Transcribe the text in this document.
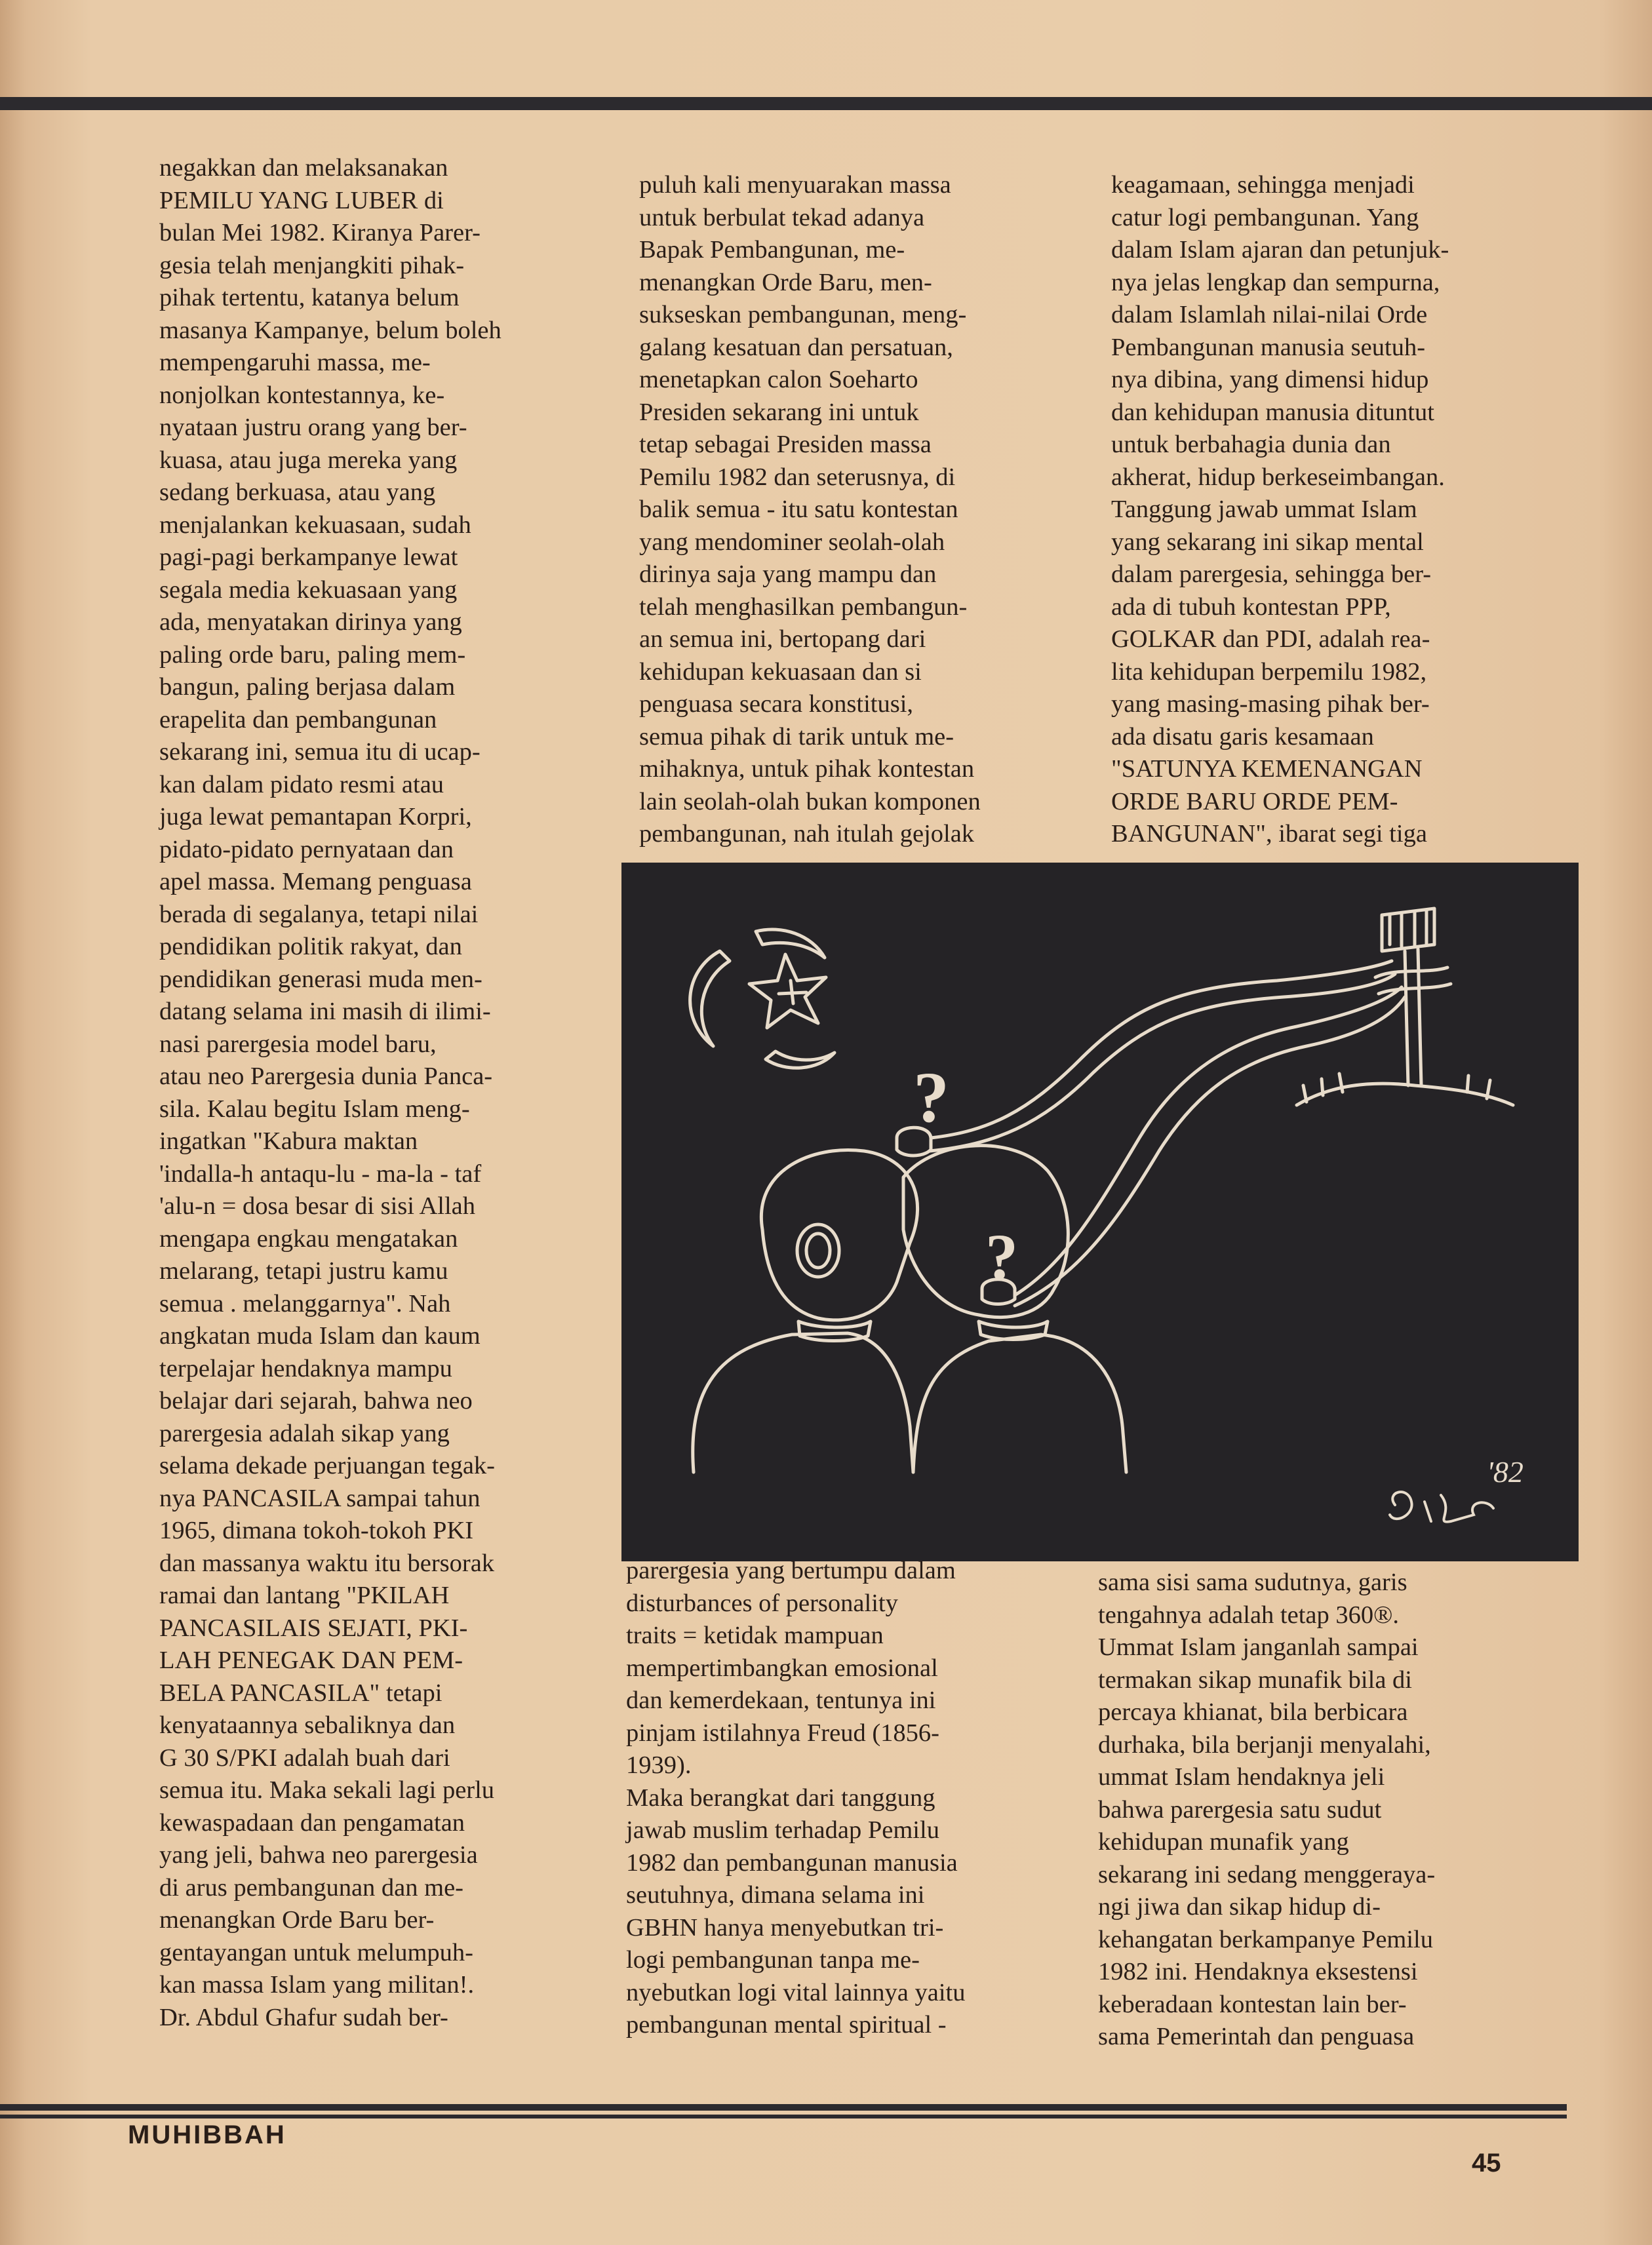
negakkan dan melaksanakan
PEMILU YANG LUBER di
bulan Mei 1982. Kiranya Parer-
gesia telah menjangkiti pihak-
pihak tertentu, katanya belum
masanya Kampanye, belum boleh
mempengaruhi massa, me-
nonjolkan kontestannya, ke-
nyataan justru orang yang ber-
kuasa, atau juga mereka yang
sedang berkuasa, atau yang
menjalankan kekuasaan, sudah
pagi-pagi berkampanye lewat
segala media kekuasaan yang
ada, menyatakan dirinya yang
paling orde baru, paling mem-
bangun, paling berjasa dalam
erapelita dan pembangunan
sekarang ini, semua itu di ucap-
kan dalam pidato resmi atau
juga lewat pemantapan Korpri,
pidato-pidato pernyataan dan
apel massa. Memang penguasa
berada di segalanya, tetapi nilai
pendidikan politik rakyat, dan
pendidikan generasi muda men-
datang selama ini masih di ilimi-
nasi parergesia model baru,
atau neo Parergesia dunia Panca-
sila. Kalau begitu Islam meng-
ingatkan "Kabura maktan
'indalla-h antaqu-lu - ma-la - taf
'alu-n = dosa besar di sisi Allah
mengapa engkau mengatakan
melarang, tetapi justru kamu
semua . melanggarnya". Nah
angkatan muda Islam dan kaum
terpelajar hendaknya mampu
belajar dari sejarah, bahwa neo
parergesia adalah sikap yang
selama dekade perjuangan tegak-
nya PANCASILA sampai tahun
1965, dimana tokoh-tokoh PKI
dan massanya waktu itu bersorak
ramai dan lantang "PKILAH
PANCASILAIS SEJATI, PKI-
LAH PENEGAK DAN PEM-
BELA PANCASILA" tetapi
kenyataannya sebaliknya dan
G 30 S/PKI adalah buah dari
semua itu. Maka sekali lagi perlu
kewaspadaan dan pengamatan
yang jeli, bahwa neo parergesia
di arus pembangunan dan me-
menangkan Orde Baru ber-
gentayangan untuk melumpuh-
kan massa Islam yang militan!.
Dr. Abdul Ghafur sudah ber-
puluh kali menyuarakan massa
untuk berbulat tekad adanya
Bapak Pembangunan, me-
menangkan Orde Baru, men-
sukseskan pembangunan, meng-
galang kesatuan dan persatuan,
menetapkan calon Soeharto
Presiden sekarang ini untuk
tetap sebagai Presiden massa
Pemilu 1982 dan seterusnya, di
balik semua - itu satu kontestan
yang mendominer seolah-olah
dirinya saja yang mampu dan
telah menghasilkan pembangun-
an semua ini, bertopang dari
kehidupan kekuasaan dan si
penguasa secara konstitusi,
semua pihak di tarik untuk me-
mihaknya, untuk pihak kontestan
lain seolah-olah bukan komponen
pembangunan, nah itulah gejolak
keagamaan, sehingga menjadi
catur logi pembangunan. Yang
dalam Islam ajaran dan petunjuk-
nya jelas lengkap dan sempurna,
dalam Islamlah nilai-nilai Orde
Pembangunan manusia seutuh-
nya dibina, yang dimensi hidup
dan kehidupan manusia dituntut
untuk berbahagia dunia dan
akherat, hidup berkeseimbangan.
Tanggung jawab ummat Islam
yang sekarang ini sikap mental
dalam parergesia, sehingga ber-
ada di tubuh kontestan PPP,
GOLKAR dan PDI, adalah rea-
lita kehidupan berpemilu 1982,
yang masing-masing pihak ber-
ada disatu garis kesamaan
"SATUNYA KEMENANGAN
ORDE BARU ORDE PEM-
BANGUNAN", ibarat segi tiga
?
?
'82
parergesia yang bertumpu dalam
disturbances of personality
traits = ketidak mampuan
mempertimbangkan emosional
dan kemerdekaan, tentunya ini
pinjam istilahnya Freud (1856-
1939).
Maka berangkat dari tanggung
jawab muslim terhadap Pemilu
1982 dan pembangunan manusia
seutuhnya, dimana selama ini
GBHN hanya menyebutkan tri-
logi pembangunan tanpa me-
nyebutkan logi vital lainnya yaitu
pembangunan mental spiritual -
sama sisi sama sudutnya, garis
tengahnya adalah tetap 360®.
Ummat Islam janganlah sampai
termakan sikap munafik bila di
percaya khianat, bila berbicara
durhaka, bila berjanji menyalahi,
ummat Islam hendaknya jeli
bahwa parergesia satu sudut
kehidupan munafik yang
sekarang ini sedang menggeraya-
ngi jiwa dan sikap hidup di-
kehangatan berkampanye Pemilu
1982 ini. Hendaknya eksestensi
keberadaan kontestan lain ber-
sama Pemerintah dan penguasa
MUHIBBAH
45
